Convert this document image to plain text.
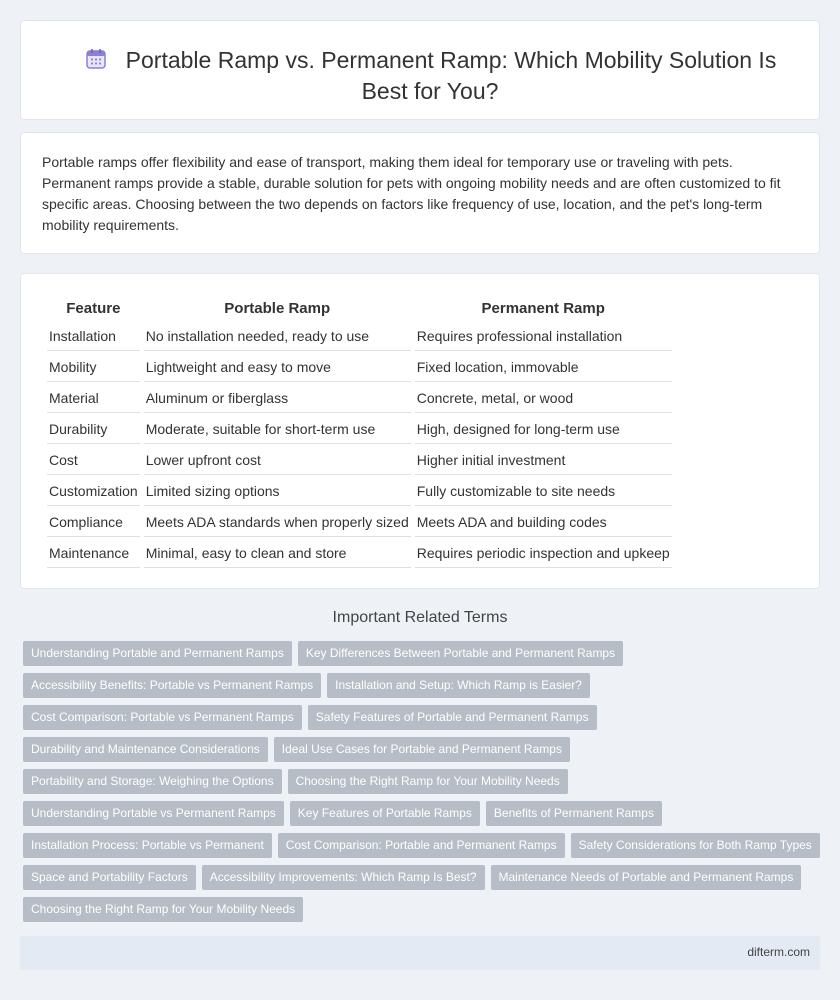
Portable Ramp vs. Permanent Ramp: Which Mobility Solution Is Best for You?

Portable ramps offer flexibility and ease of transport, making them ideal for temporary use or traveling with pets. Permanent ramps provide a stable, durable solution for pets with ongoing mobility needs and are often customized to fit specific areas. Choosing between the two depends on factors like frequency of use, location, and the pet's long-term mobility requirements.

Feature	Portable Ramp	Permanent Ramp
Installation	No installation needed, ready to use	Requires professional installation
Mobility	Lightweight and easy to move	Fixed location, immovable
Material	Aluminum or fiberglass	Concrete, metal, or wood
Durability	Moderate, suitable for short-term use	High, designed for long-term use
Cost	Lower upfront cost	Higher initial investment
Customization	Limited sizing options	Fully customizable to site needs
Compliance	Meets ADA standards when properly sized	Meets ADA and building codes
Maintenance	Minimal, easy to clean and store	Requires periodic inspection and upkeep
Important Related Terms
Understanding Portable and Permanent Ramps Key Differences Between Portable and Permanent Ramps
Accessibility Benefits: Portable vs Permanent Ramps Installation and Setup: Which Ramp is Easier?
Cost Comparison: Portable vs Permanent Ramps Safety Features of Portable and Permanent Ramps
Durability and Maintenance Considerations Ideal Use Cases for Portable and Permanent Ramps
Portability and Storage: Weighing the Options Choosing the Right Ramp for Your Mobility Needs
Understanding Portable vs Permanent Ramps Key Features of Portable Ramps Benefits of Permanent Ramps
Installation Process: Portable vs Permanent Cost Comparison: Portable and Permanent Ramps Safety Considerations for Both Ramp Types
Space and Portability Factors Accessibility Improvements: Which Ramp Is Best? Maintenance Needs of Portable and Permanent Ramps
Choosing the Right Ramp for Your Mobility Needs
difterm.com
